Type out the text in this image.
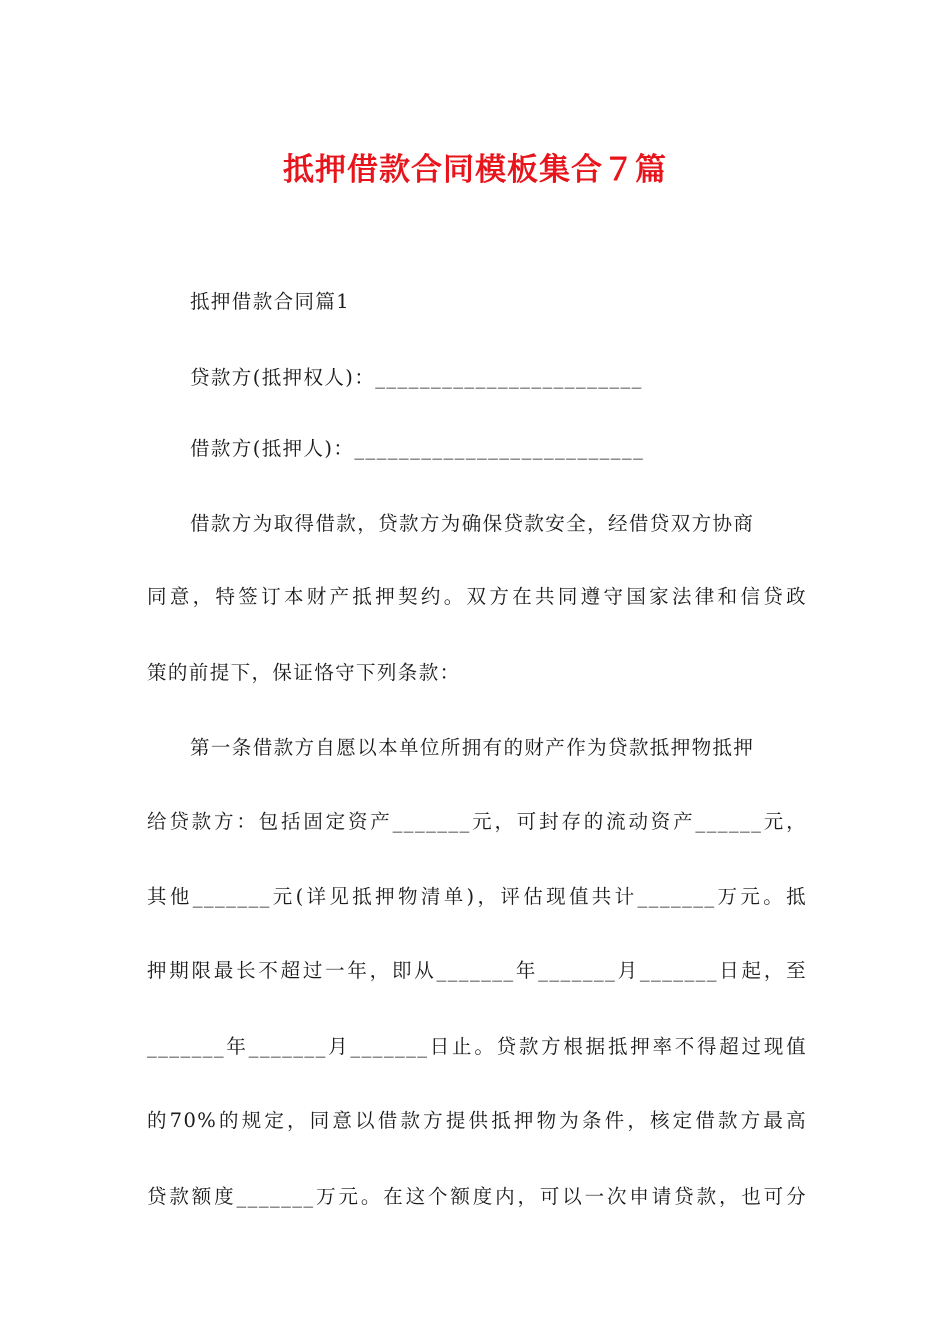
抵押借款合同模板集合７篇
抵押借款合同篇1
贷款方(抵押权人)：________________________
借款方(抵押人)：__________________________
借款方为取得借款，贷款方为确保贷款安全，经借贷双方协商
同意，特签订本财产抵押契约。双方在共同遵守国家法律和信贷政
策的前提下，保证恪守下列条款：
第一条借款方自愿以本单位所拥有的财产作为贷款抵押物抵押
给贷款方：包括固定资产_______元，可封存的流动资产______元，
其他_______元(详见抵押物清单)，评估现值共计_______万元。抵
押期限最长不超过一年，即从_______年_______月_______日起，至
_______年_______月_______日止。贷款方根据抵押率不得超过现值
的70%的规定，同意以借款方提供抵押物为条件，核定借款方最高
贷款额度_______万元。在这个额度内，可以一次申请贷款，也可分
